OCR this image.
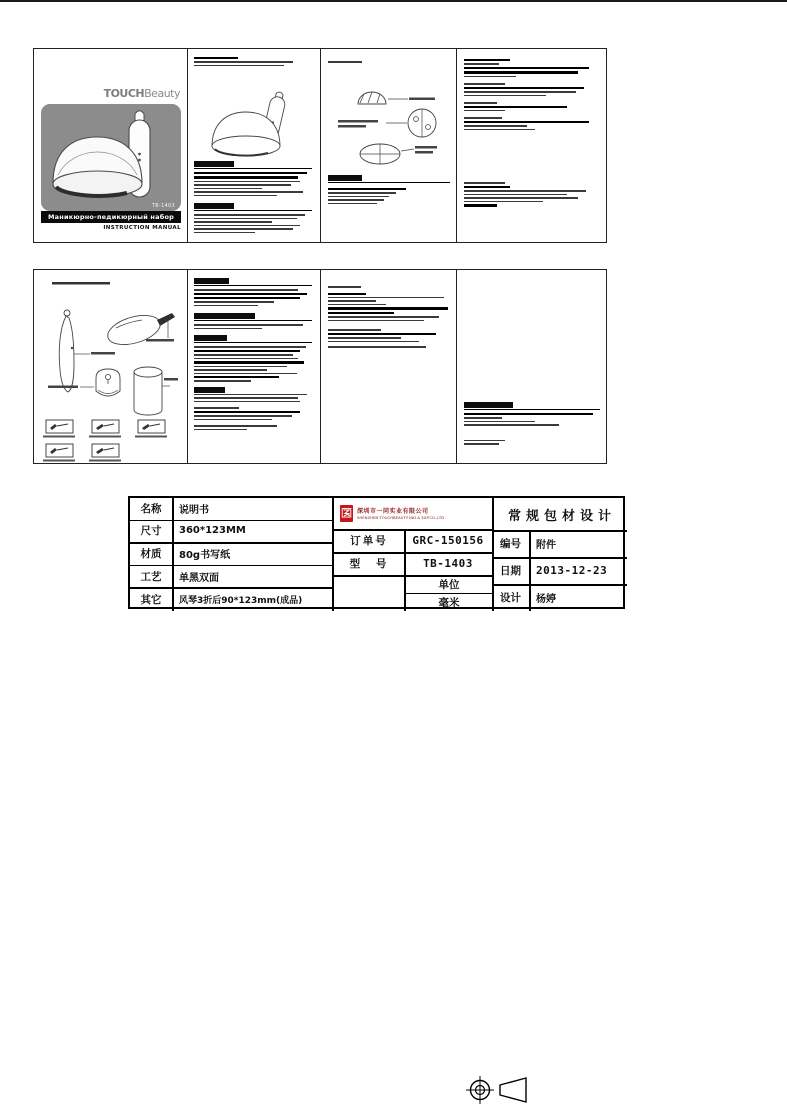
TOUCHBeauty
TB-1403
Маникюрно-педикюрный набор
INSTRUCTION MANUAL
名称	说明书
尺寸	360*123MM
材质	80g书写纸
工艺	单黑双面
其它	风琴3折后90*123mm(成品)
深圳市一同实业有限公司
SHENZHEN TOUCHBEAUTY IND.& EXP.CO.,LTD
订单号	GRC-150156
型 号	TB-1403
单位
毫米
常规包材设计
编号	附件
日期	2013-12-23
设计	杨婷
